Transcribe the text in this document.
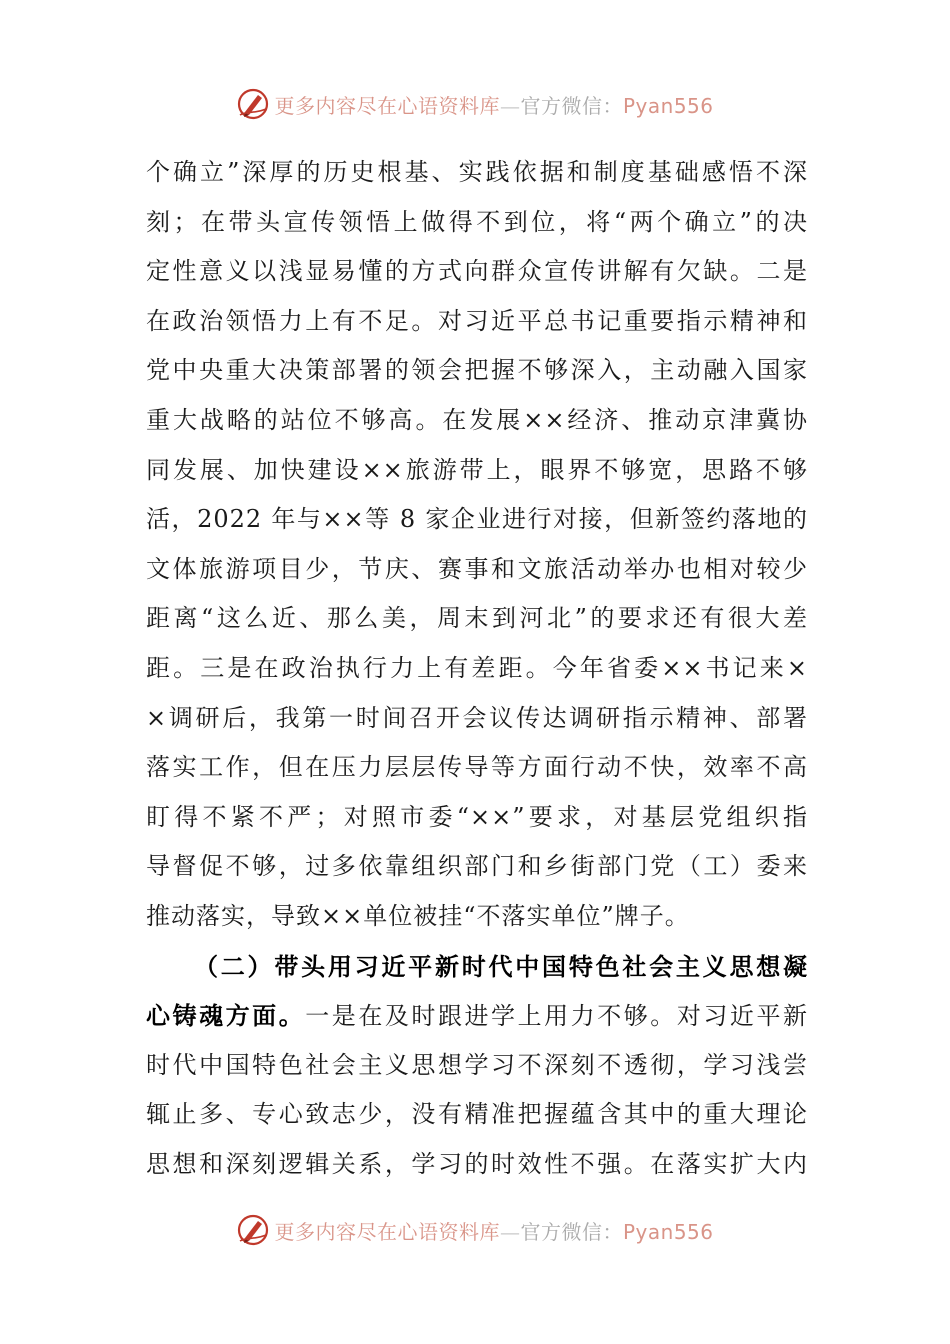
更多内容尽在心语资料库—官方微信：Pyan556
个确立”深厚的历史根基、实践依据和制度基础感悟不深
刻；在带头宣传领悟上做得不到位，将“两个确立”的决
定性意义以浅显易懂的方式向群众宣传讲解有欠缺。二是
在政治领悟力上有不足。对习近平总书记重要指示精神和
党中央重大决策部署的领会把握不够深入，主动融入国家
重大战略的站位不够高。在发展××经济、推动京津冀协
同发展、加快建设××旅游带上，眼界不够宽，思路不够
活，2022 年与××等 8 家企业进行对接，但新签约落地的
文体旅游项目少，节庆、赛事和文旅活动举办也相对较少
距离“这么近、那么美，周末到河北”的要求还有很大差
距。三是在政治执行力上有差距。今年省委××书记来×
×调研后，我第一时间召开会议传达调研指示精神、部署
落实工作，但在压力层层传导等方面行动不快，效率不高
盯得不紧不严；对照市委“××”要求，对基层党组织指
导督促不够，过多依靠组织部门和乡街部门党（工）委来
推动落实，导致××单位被挂“不落实单位”牌子。
（二）带头用习近平新时代中国特色社会主义思想凝
心铸魂方面。一是在及时跟进学上用力不够。对习近平新
时代中国特色社会主义思想学习不深刻不透彻，学习浅尝
辄止多、专心致志少，没有精准把握蕴含其中的重大理论
思想和深刻逻辑关系，学习的时效性不强。在落实扩大内
更多内容尽在心语资料库—官方微信：Pyan556
